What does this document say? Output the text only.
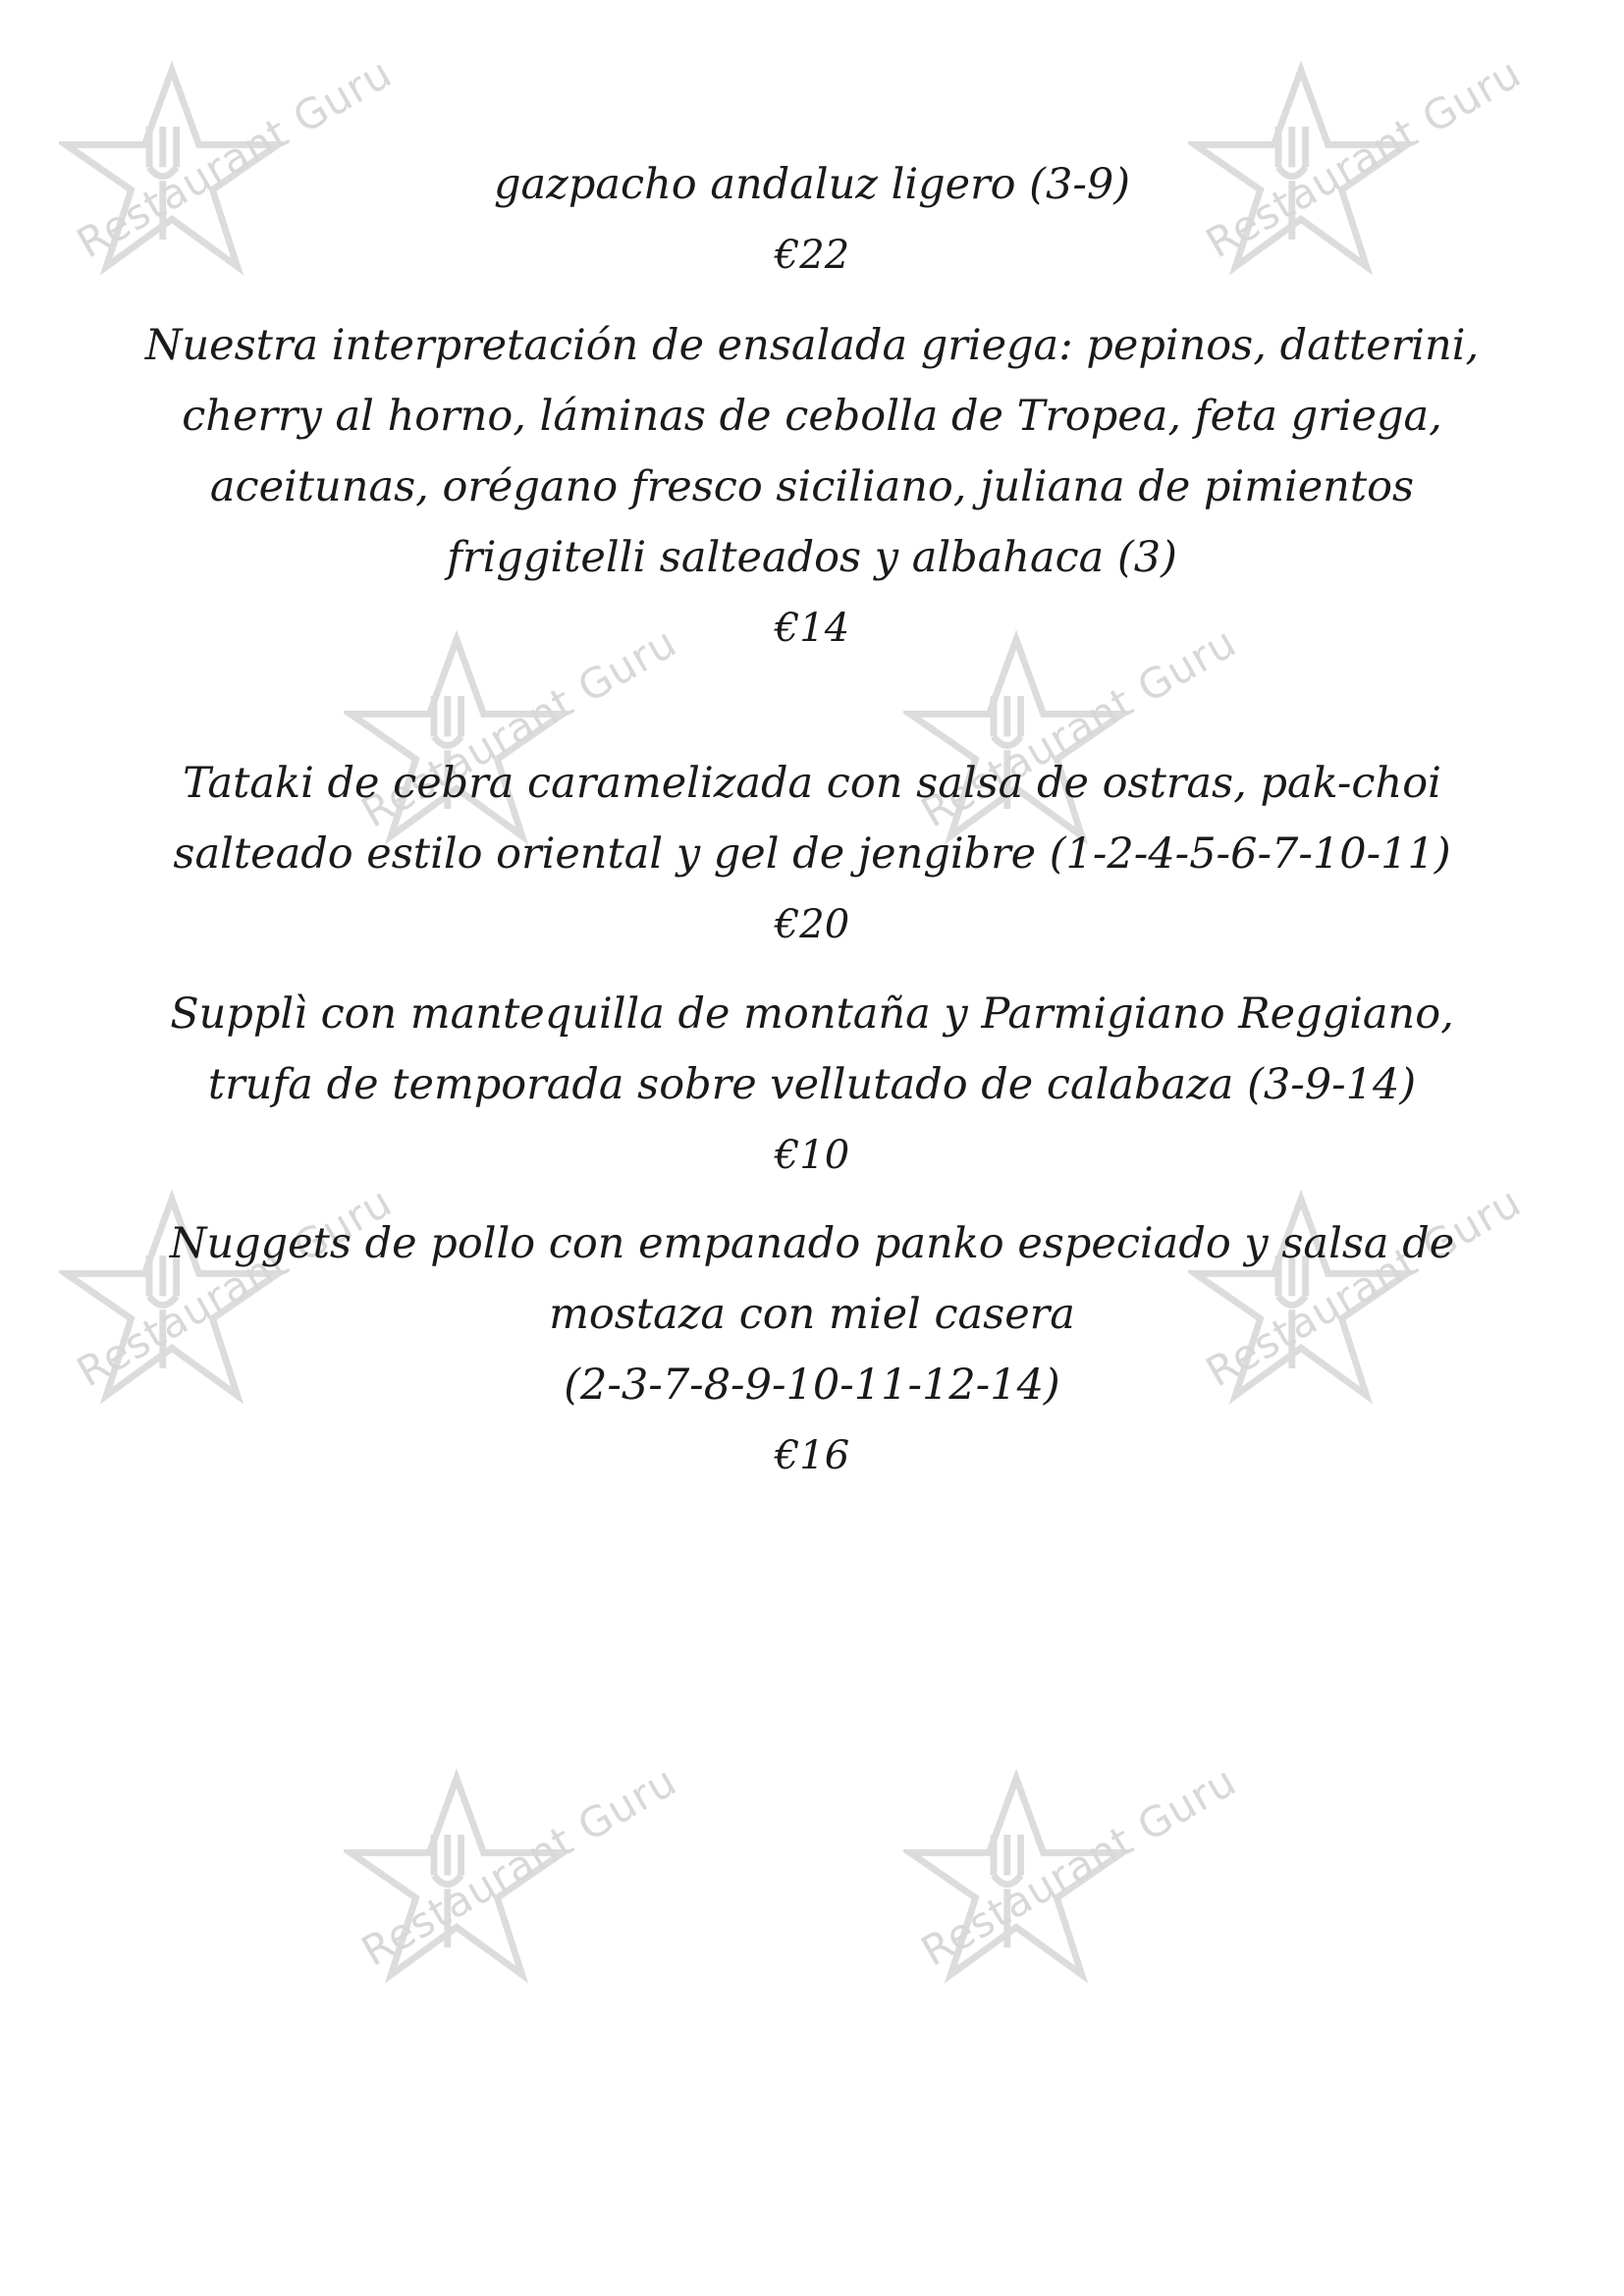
Restaurant Guru	Restaurant Guru
Restaurant Guru	Restaurant Guru
Restaurant Guru	Restaurant Guru
Restaurant Guru	Restaurant Guru
gazpacho andaluz ligero (3-9)
€22
Nuestra interpretación de ensalada griega: pepinos, datterini,
cherry al horno, láminas de cebolla de Tropea, feta griega,
aceitunas, orégano fresco siciliano, juliana de pimientos
friggitelli salteados y albahaca (3)
€14
Tataki de cebra caramelizada con salsa de ostras, pak-choi
salteado estilo oriental y gel de jengibre (1-2-4-5-6-7-10-11)
€20
Supplì con mantequilla de montaña y Parmigiano Reggiano,
trufa de temporada sobre vellutado de calabaza (3-9-14)
€10
Nuggets de pollo con empanado panko especiado y salsa de
mostaza con miel casera
(2-3-7-8-9-10-11-12-14)
€16
